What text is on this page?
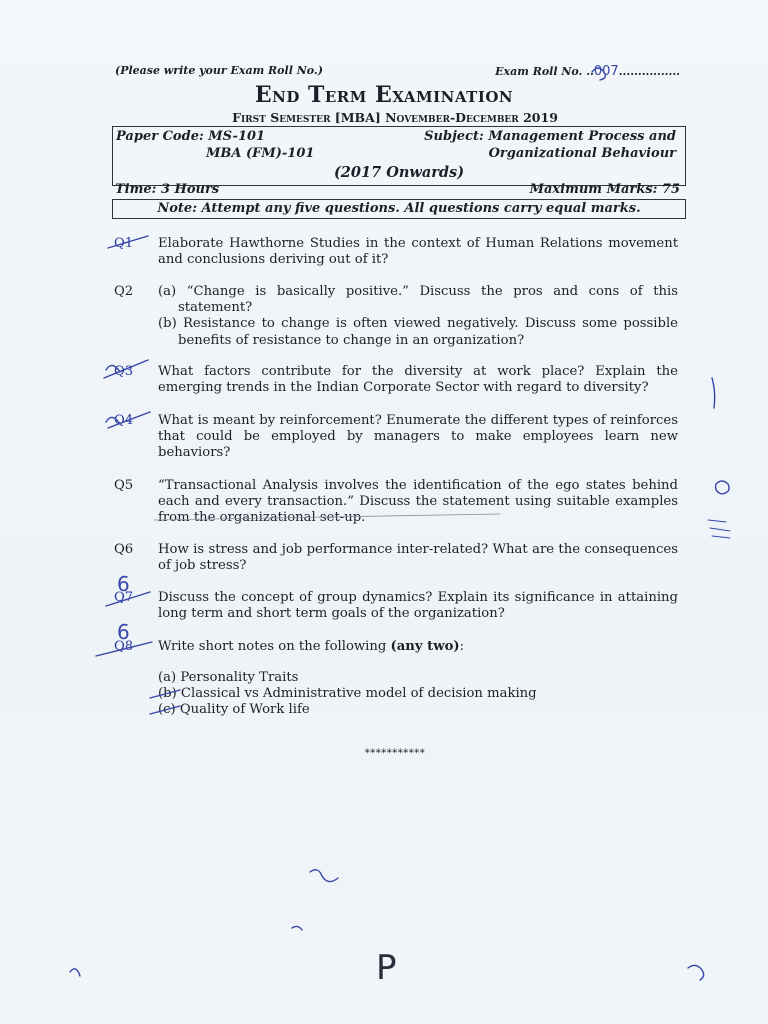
(Please write your Exam Roll No.)	Exam Roll No. ..007................
End Term Examination
First Semester [MBA] November-December 2019
Paper Code: MS-101
MBA (FM)-101
Subject: Management Process and
Organizational Behaviour
(2017 Onwards)
Time: 3 Hours	Maximum Marks: 75
Note: Attempt any five questions. All questions carry equal marks.
Q1	Elaborate Hawthorne Studies in the context of Human Relations movement and conclusions deriving out of it?
Q2	(a) “Change is basically positive.” Discuss the pros and cons of this statement?

(b) Resistance to change is often viewed negatively. Discuss some possible benefits of resistance to change in an organization?

Q3	What factors contribute for the diversity at work place? Explain the emerging trends in the Indian Corporate Sector with regard to diversity?
Q4	What is meant by reinforcement? Enumerate the different types of reinforces that could be employed by managers to make employees learn new behaviors?
Q5	“Transactional Analysis involves the identification of the ego states behind each and every transaction.” Discuss the statement using suitable examples from the organizational set-up.
Q6	How is stress and job performance inter-related? What are the consequences of job stress?
Q7	Discuss the concept of group dynamics? Explain its significance in attaining long term and short term goals of the organization?
Q8	Write short notes on the following (any two):
(a) Personality Traits
(b) Classical vs Administrative model of decision making
(c) Quality of Work life
***********
6
6
P
